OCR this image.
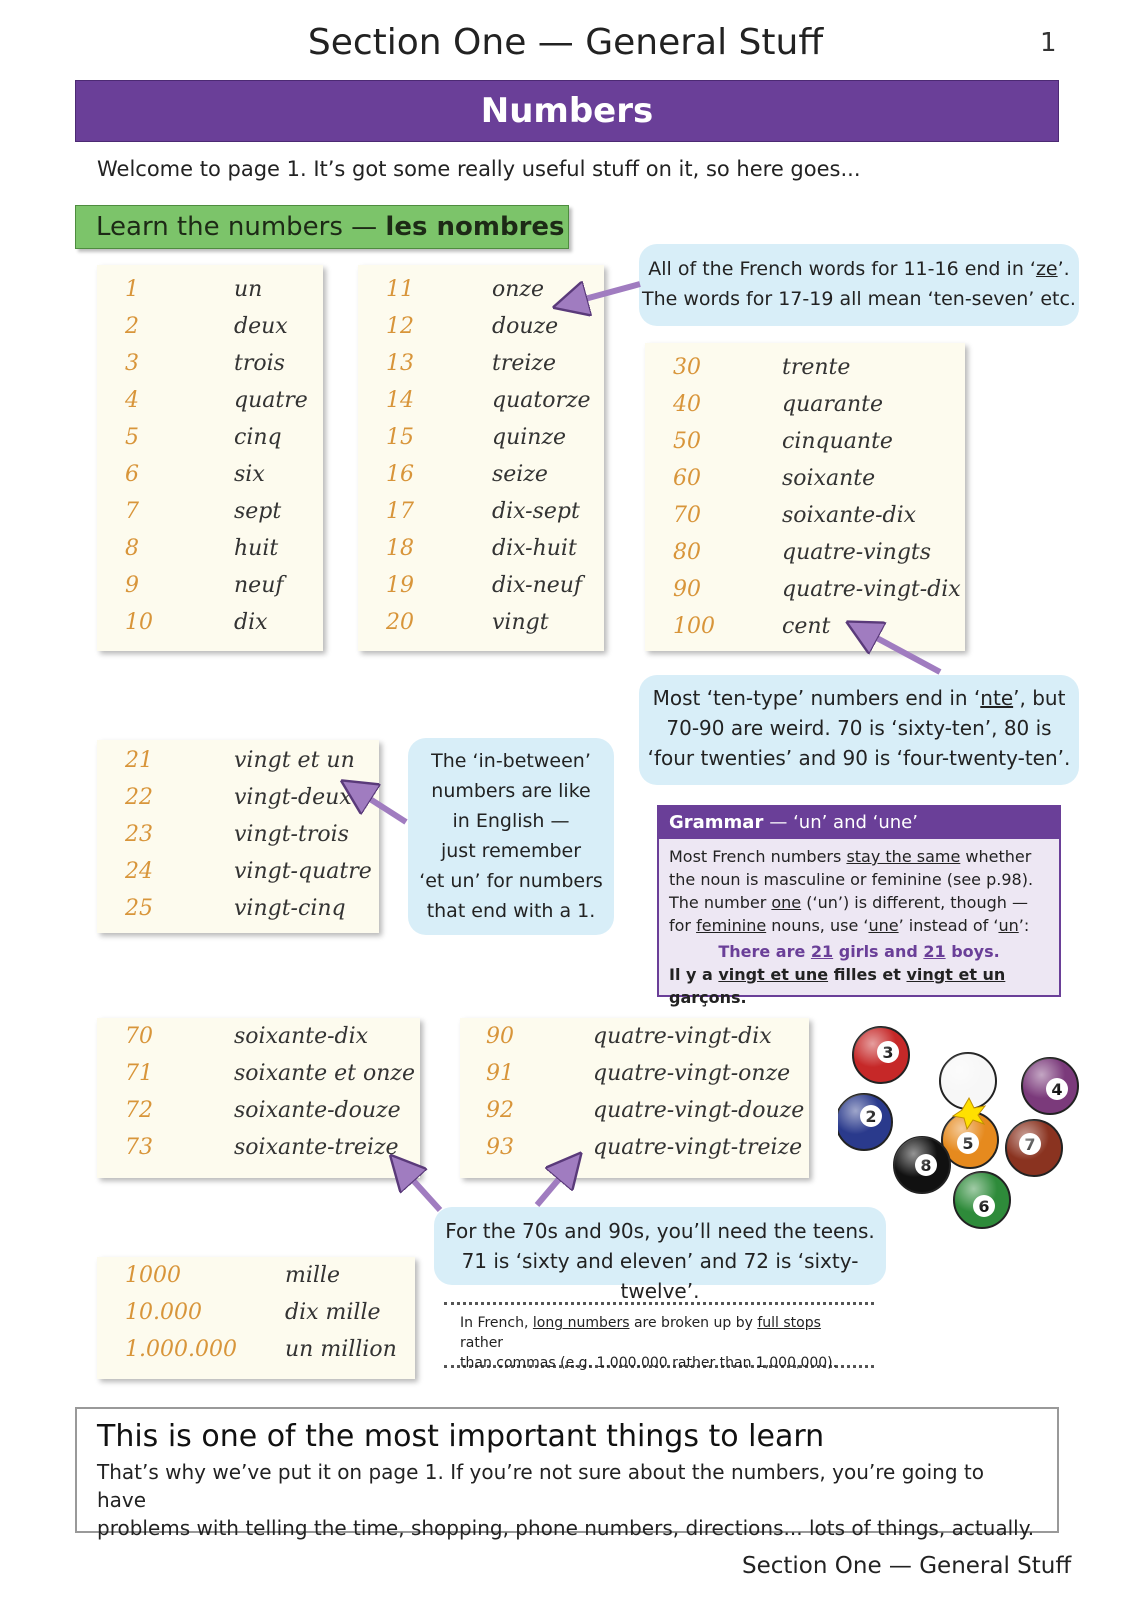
Section One — General Stuff	1
Numbers
Welcome to page 1. It’s got some really useful stuff on it, so here goes...
Learn the numbers — les nombres
1	un
2	deux
3	trois
4	quatre
5	cinq
6	six
7	sept
8	huit
9	neuf
10	dix
11	onze
12	douze
13	treize
14	quatorze
15	quinze
16	seize
17	dix-sept
18	dix-huit
19	dix-neuf
20	vingt
30	trente
40	quarante
50	cinquante
60	soixante
70	soixante-dix
80	quatre-vingts
90	quatre-vingt-dix
100	cent
21	vingt et un
22	vingt-deux
23	vingt-trois
24	vingt-quatre
25	vingt-cinq
70	soixante-dix
71	soixante et onze
72	soixante-douze
73	soixante-treize
90	quatre-vingt-dix
91	quatre-vingt-onze
92	quatre-vingt-douze
93	quatre-vingt-treize
1000	mille
10.000	dix mille
1.000.000 un million
All of the French words for 11-16 end in ‘ze’.
The words for 17-19 all mean ‘ten-seven’ etc.
Most ‘ten-type’ numbers end in ‘nte’, but
70-90 are weird. 70 is ‘sixty-ten’, 80 is
‘four twenties’ and 90 is ‘four-twenty-ten’.
The ‘in-between’
numbers are like
in English —
just remember
‘et un’ for numbers
that end with a 1.
For the 70s and 90s, you’ll need the teens.
71 is ‘sixty and eleven’ and 72 is ‘sixty-twelve’.
Grammar — ‘un’ and ‘une’
Most French numbers stay the same whether
the noun is masculine or feminine (see p.98).
The number one (‘un’) is different, though —
for feminine nouns, use ‘une’ instead of ‘un’:
There are 21 girls and 21 boys.
Il y a vingt et une filles et vingt et un garçons.
In French, long numbers are broken up by full stops rather
than commas (e.g. 1.000.000 rather than 1,000,000).
This is one of the most important things to learn
That’s why we’ve put it on page 1. If you’re not sure about the numbers, you’re going to have
problems with telling the time, shopping, phone numbers, directions... lots of things, actually.
Section One — General Stuff
